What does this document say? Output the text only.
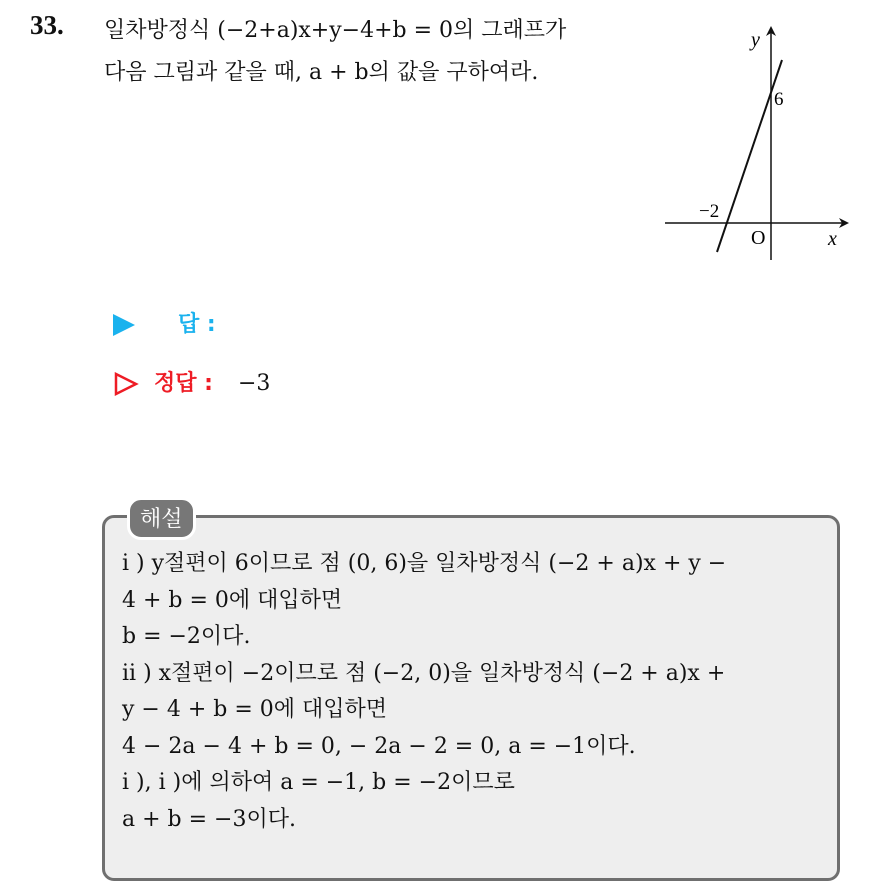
33. 일차방정식 (−2+a)x+y−4+b = 0의 그래프가
다음 그림과 같을 때, a + b의 값을 구하여라.
y
x
O
6
−2
답 :
정답 : −3
해설
i ) y절편이 6이므로 점 (0, 6)을 일차방정식 (−2 + a)x + y −
4 + b = 0에 대입하면
b = −2이다.
ii ) x절편이 −2이므로 점 (−2, 0)을 일차방정식 (−2 + a)x +
y − 4 + b = 0에 대입하면
4 − 2a − 4 + b = 0, − 2a − 2 = 0, a = −1이다.
i ), i )에 의하여 a = −1, b = −2이므로
a + b = −3이다.
